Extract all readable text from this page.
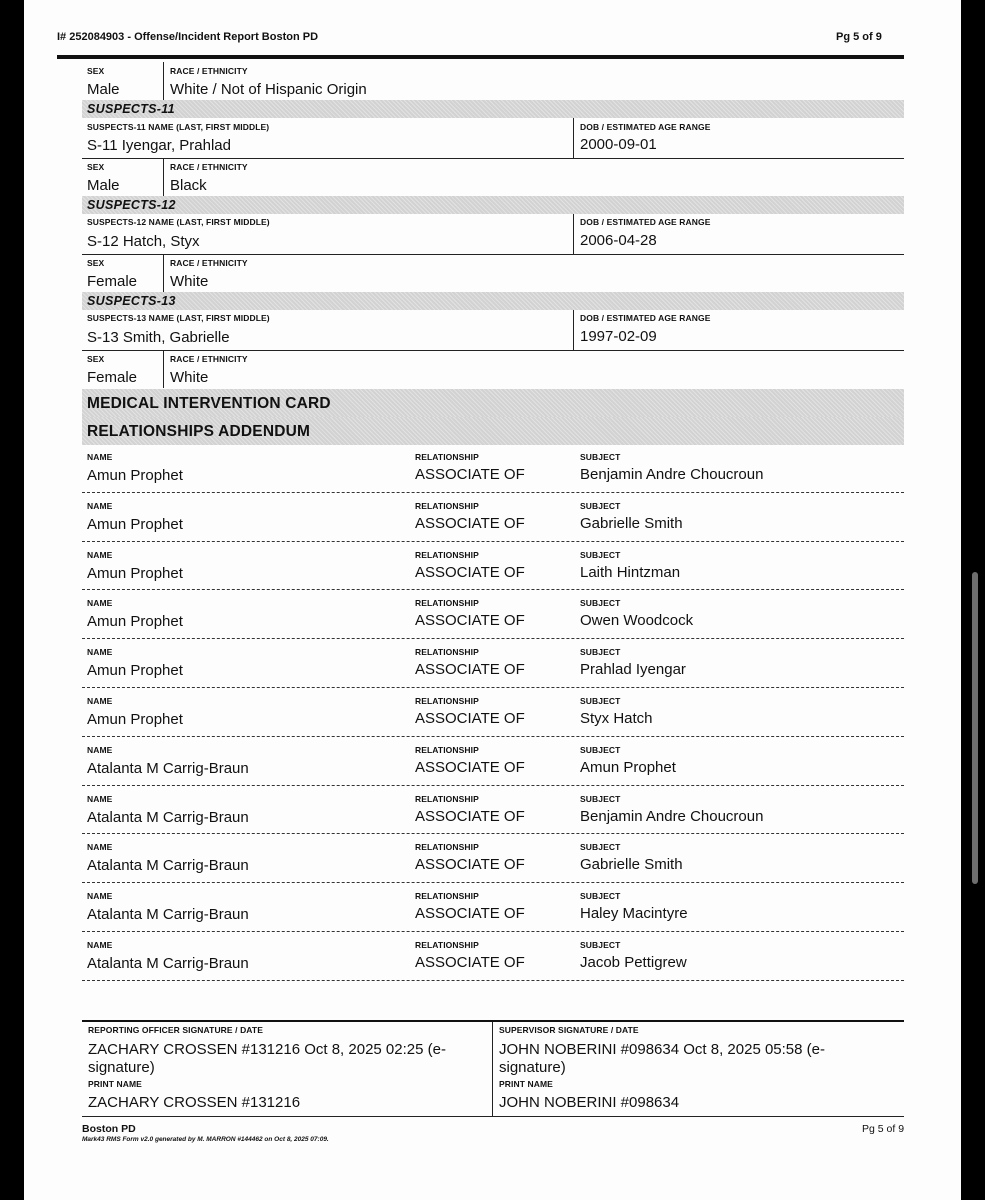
I# 252084903 - Offense/Incident Report Boston PD	Pg 5 of 9
SEX	RACE / ETHNICITY
Male	White / Not of Hispanic Origin
SUSPECTS-11
SUSPECTS-11 NAME (LAST, FIRST MIDDLE)	DOB / ESTIMATED AGE RANGE
S-11 Iyengar, Prahlad	2000-09-01
SEX	RACE / ETHNICITY
Male	Black
SUSPECTS-12
SUSPECTS-12 NAME (LAST, FIRST MIDDLE)	DOB / ESTIMATED AGE RANGE
S-12 Hatch, Styx	2006-04-28
SEX	RACE / ETHNICITY
Female White
SUSPECTS-13
SUSPECTS-13 NAME (LAST, FIRST MIDDLE)	DOB / ESTIMATED AGE RANGE
S-13 Smith, Gabrielle	1997-02-09
SEX	RACE / ETHNICITY
Female White
MEDICAL INTERVENTION CARD
RELATIONSHIPS ADDENDUM
NAME	RELATIONSHIP	SUBJECT
Amun Prophet	ASSOCIATE OF	Benjamin Andre Choucroun
NAME	RELATIONSHIP	SUBJECT
Amun Prophet	ASSOCIATE OF	Gabrielle Smith
NAME	RELATIONSHIP	SUBJECT
Amun Prophet	ASSOCIATE OF	Laith Hintzman
NAME	RELATIONSHIP	SUBJECT
Amun Prophet	ASSOCIATE OF	Owen Woodcock
NAME	RELATIONSHIP	SUBJECT
Amun Prophet	ASSOCIATE OF	Prahlad Iyengar
NAME	RELATIONSHIP	SUBJECT
Amun Prophet	ASSOCIATE OF	Styx Hatch
NAME	RELATIONSHIP	SUBJECT
Atalanta M Carrig-Braun	ASSOCIATE OF	Amun Prophet
NAME	RELATIONSHIP	SUBJECT
Atalanta M Carrig-Braun	ASSOCIATE OF	Benjamin Andre Choucroun
NAME	RELATIONSHIP	SUBJECT
Atalanta M Carrig-Braun	ASSOCIATE OF	Gabrielle Smith
NAME	RELATIONSHIP	SUBJECT
Atalanta M Carrig-Braun	ASSOCIATE OF	Haley Macintyre
NAME	RELATIONSHIP	SUBJECT
Atalanta M Carrig-Braun	ASSOCIATE OF	Jacob Pettigrew
REPORTING OFFICER SIGNATURE / DATE
ZACHARY CROSSEN #131216 Oct 8, 2025 02:25 (e-
signature)
PRINT NAME
ZACHARY CROSSEN #131216
SUPERVISOR SIGNATURE / DATE
JOHN NOBERINI #098634 Oct 8, 2025 05:58 (e-
signature)
PRINT NAME
JOHN NOBERINI #098634
Boston PD
Mark43 RMS Form v2.0 generated by M. MARRON #144462 on Oct 8, 2025 07:09.
Pg 5 of 9
